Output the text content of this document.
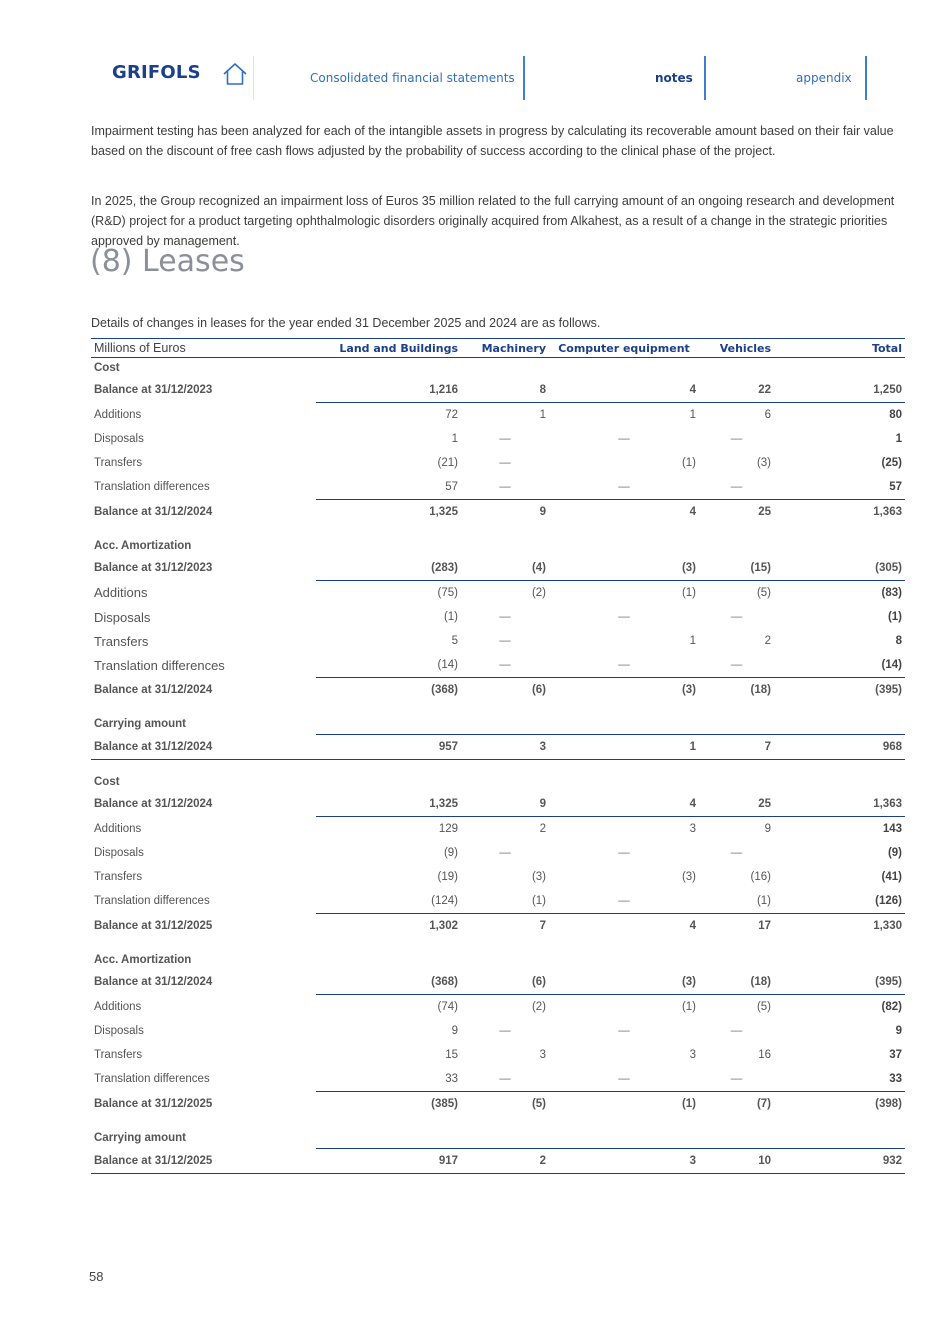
GRIFOLS	Consolidated financial statements	notes	appendix

Impairment testing has been analyzed for each of the intangible assets in progress by calculating its recoverable amount based on their fair value based on the discount of free cash flows adjusted by the probability of success according to the clinical phase of the project.

In 2025, the Group recognized an impairment loss of Euros 35 million related to the full carrying amount of an ongoing research and development (R&D) project for a product targeting ophthalmologic disorders originally acquired from Alkahest, as a result of a change in the strategic priorities approved by management.

(8) Leases
Details of changes in leases for the year ended 31 December 2025 and 2024 are as follows.
Millions of Euros	Land and Buildings	Machinery	Computer equipment	Vehicles	Total
Cost					
Balance at 31/12/2023	1,216	8	4	22	1,250
Additions	72	1	1	6	80
Disposals	1	—	—	—	1
Transfers	(21)	—	(1)	(3)	(25)
Translation differences	57	—	—	—	57
Balance at 31/12/2024	1,325	9	4	25	1,363

Acc. Amortization					
Balance at 31/12/2023	(283)	(4)	(3)	(15)	(305)
Additions	(75)	(2)	(1)	(5)	(83)
Disposals	(1)	—	—	—	(1)
Transfers	5	—	1	2	8
Translation differences	(14)	—	—	—	(14)
Balance at 31/12/2024	(368)	(6)	(3)	(18)	(395)

Carrying amount					
Balance at 31/12/2024	957	3	1	7	968

Cost					
Balance at 31/12/2024	1,325	9	4	25	1,363
Additions	129	2	3	9	143
Disposals	(9)	—	—	—	(9)
Transfers	(19)	(3)	(3)	(16)	(41)
Translation differences	(124)	(1)	—	(1)	(126)
Balance at 31/12/2025	1,302	7	4	17	1,330

Acc. Amortization					
Balance at 31/12/2024	(368)	(6)	(3)	(18)	(395)
Additions	(74)	(2)	(1)	(5)	(82)
Disposals	9	—	—	—	9
Transfers	15	3	3	16	37
Translation differences	33	—	—	—	33
Balance at 31/12/2025	(385)	(5)	(1)	(7)	(398)

Carrying amount					
Balance at 31/12/2025	917	2	3	10	932
58
